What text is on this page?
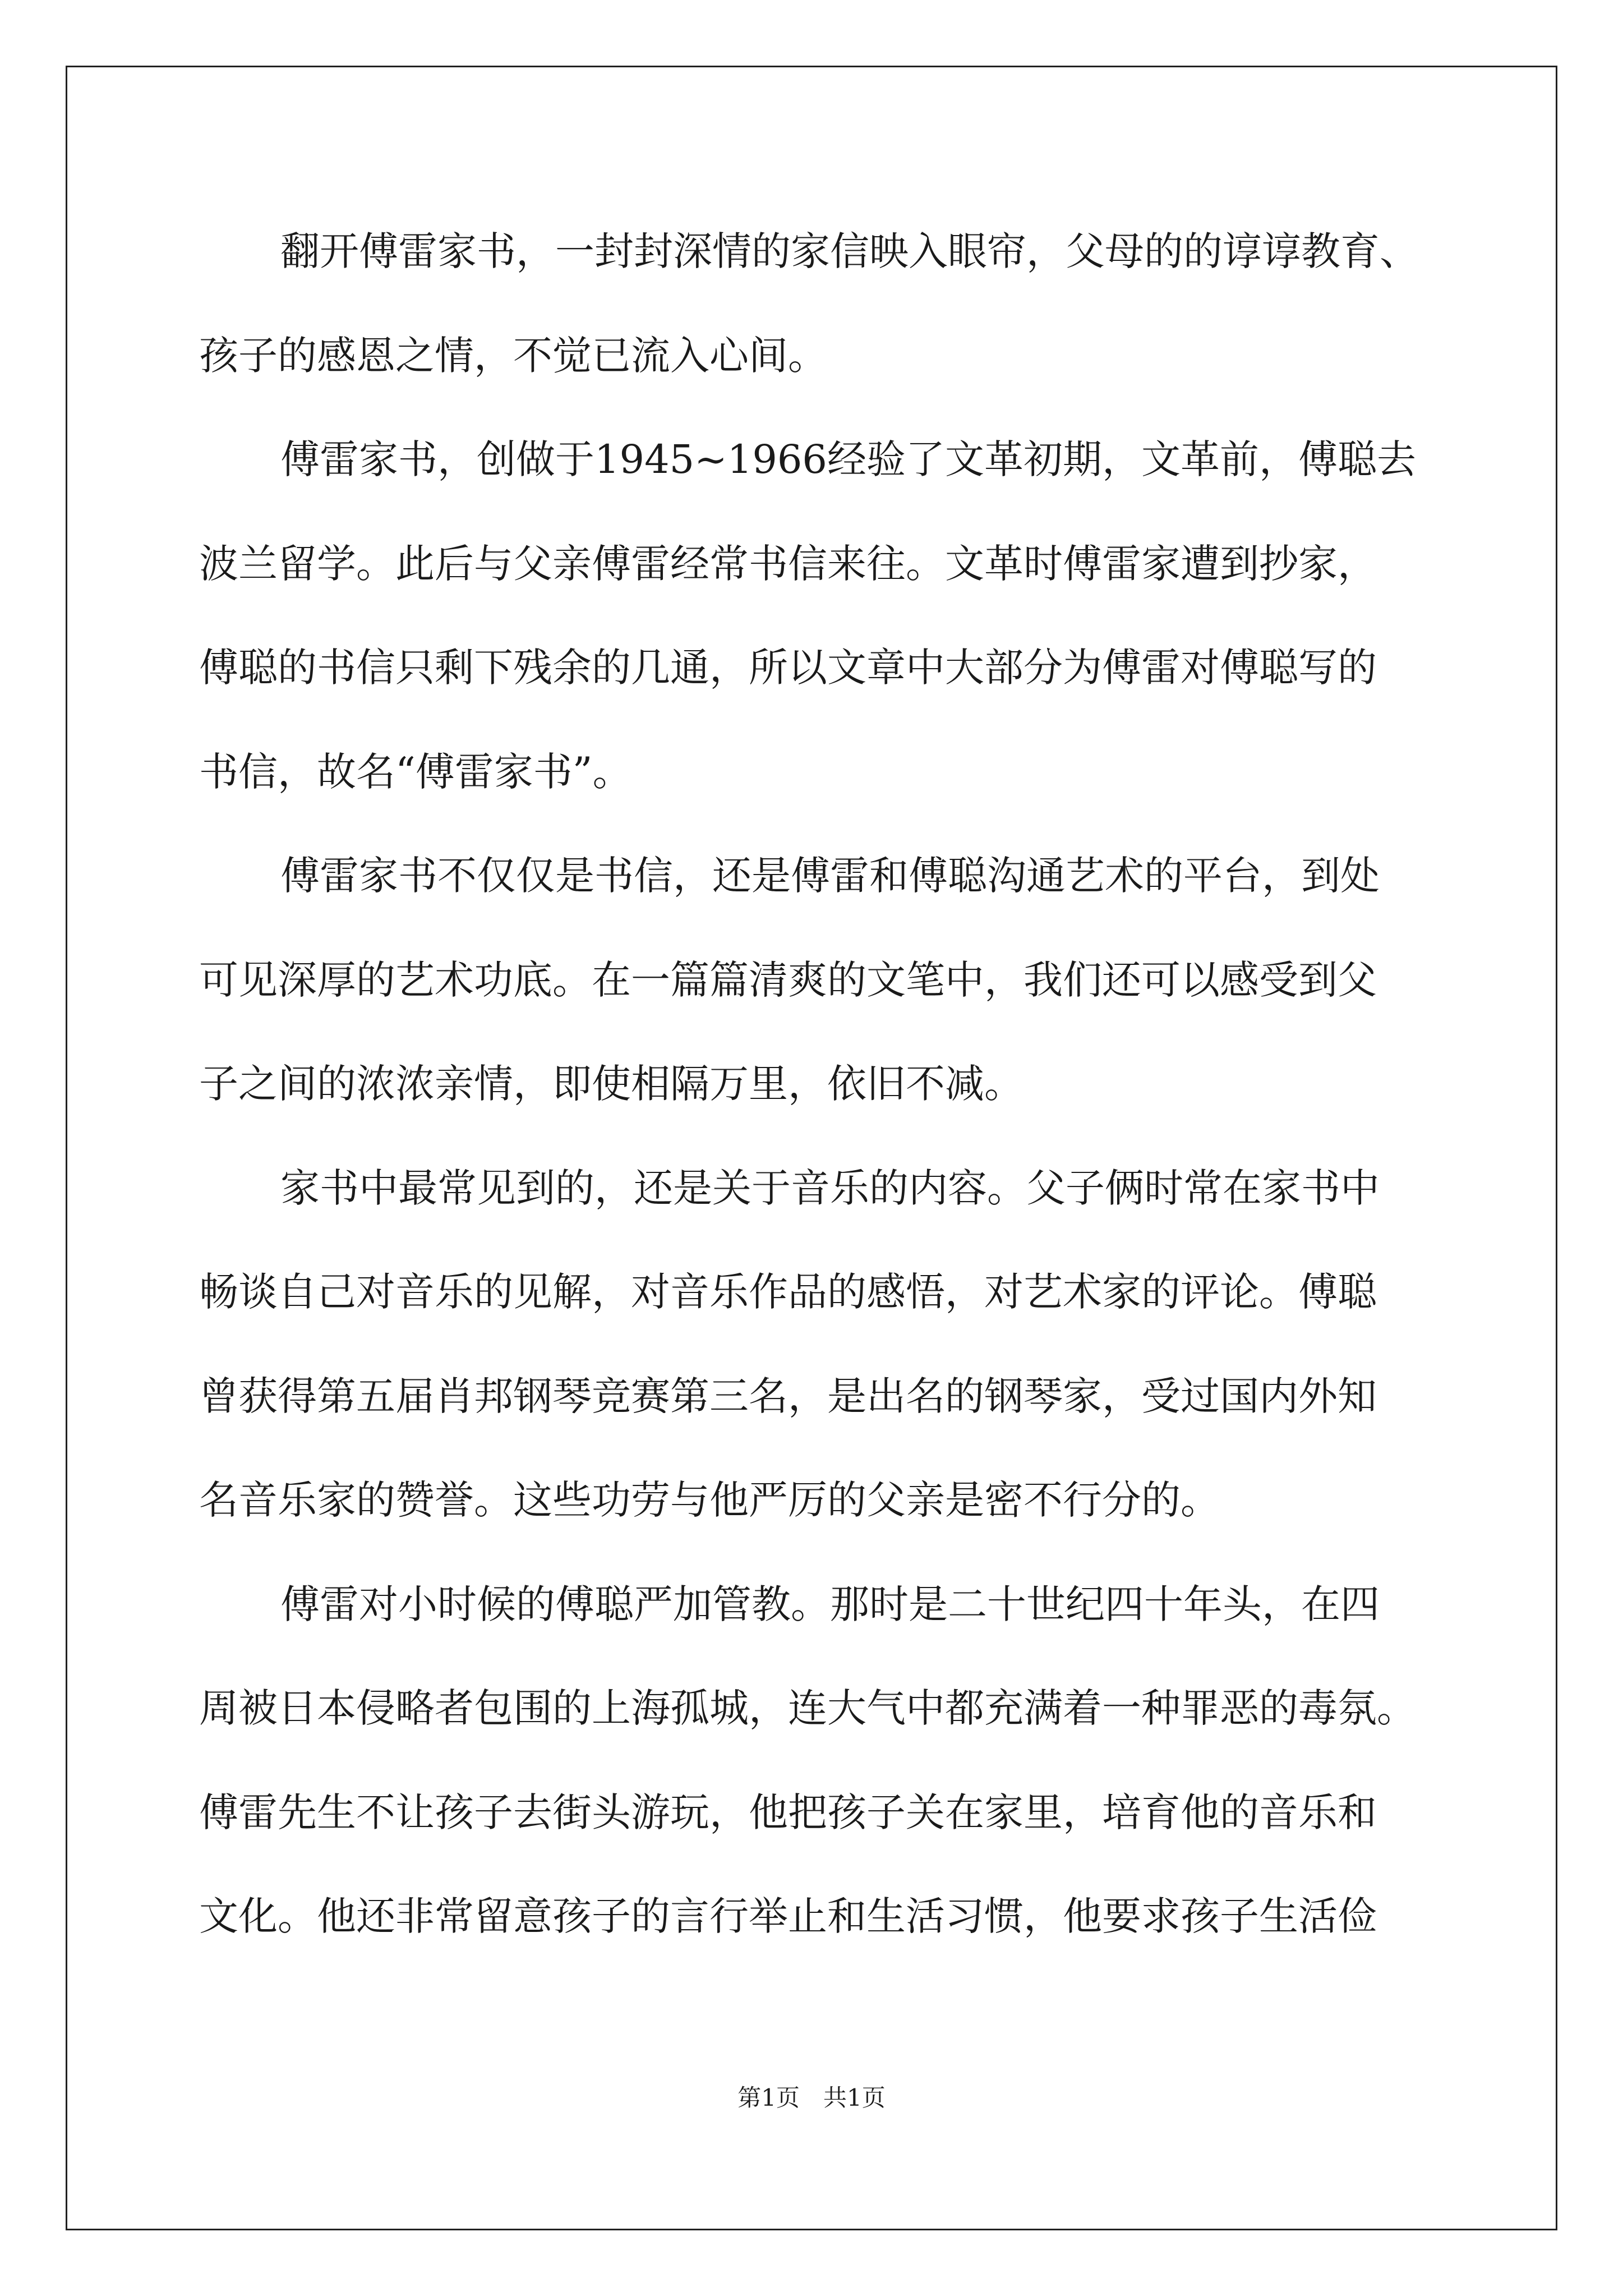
翻开傅雷家书，一封封深情的家信映入眼帘，父母的的谆谆教育、
孩子的感恩之情，不觉已流入心间。
傅雷家书，创做于1945~1966经验了文革初期，文革前，傅聪去
波兰留学。此后与父亲傅雷经常书信来往。文革时傅雷家遭到抄家，
傅聪的书信只剩下残余的几通，所以文章中大部分为傅雷对傅聪写的
书信，故名“傅雷家书”。
傅雷家书不仅仅是书信，还是傅雷和傅聪沟通艺术的平台，到处
可见深厚的艺术功底。在一篇篇清爽的文笔中，我们还可以感受到父
子之间的浓浓亲情，即使相隔万里，依旧不减。
家书中最常见到的，还是关于音乐的内容。父子俩时常在家书中
畅谈自己对音乐的见解，对音乐作品的感悟，对艺术家的评论。傅聪
曾获得第五届肖邦钢琴竞赛第三名，是出名的钢琴家，受过国内外知
名音乐家的赞誉。这些功劳与他严厉的父亲是密不行分的。
傅雷对小时候的傅聪严加管教。那时是二十世纪四十年头，在四
周被日本侵略者包围的上海孤城，连大气中都充满着一种罪恶的毒氛。
傅雷先生不让孩子去街头游玩，他把孩子关在家里，培育他的音乐和
文化。他还非常留意孩子的言行举止和生活习惯，他要求孩子生活俭
第1页　共1页
